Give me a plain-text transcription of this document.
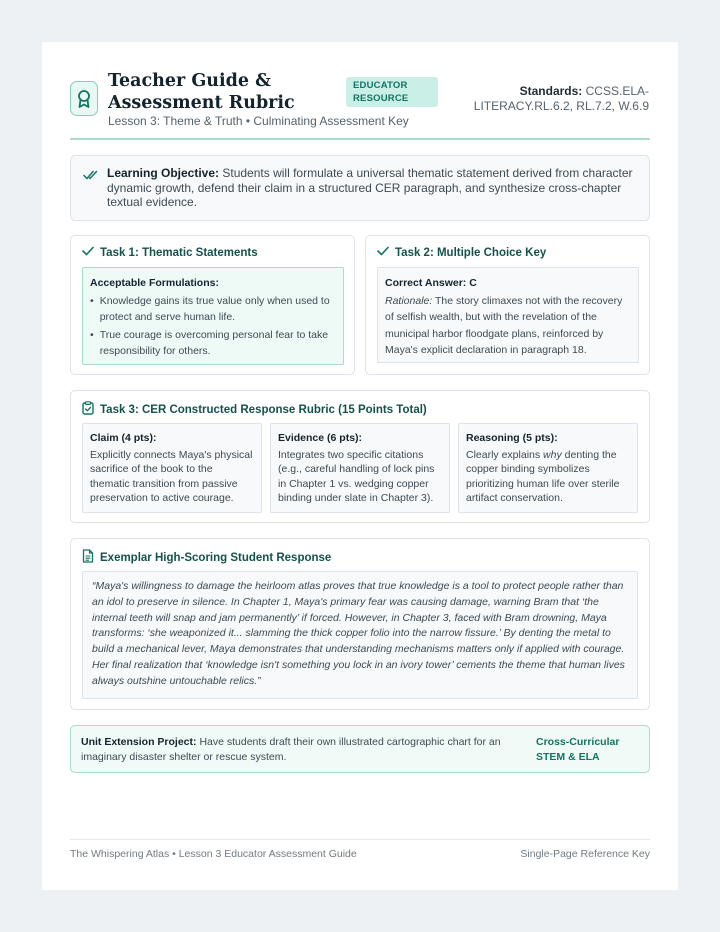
Teacher Guide & Assessment Rubric
Lesson 3: Theme & Truth • Culminating Assessment Key
EDUCATOR RESOURCE
Standards: CCSS.ELA-LITERACY.RL.6.2, RL.7.2, W.6.9
Learning Objective: Students will formulate a universal thematic statement derived from character dynamic growth, defend their claim in a structured CER paragraph, and synthesize cross-chapter textual evidence.
Task 1: Thematic Statements
Acceptable Formulations:
• Knowledge gains its true value only when used to protect and serve human life.
• True courage is overcoming personal fear to take responsibility for others.
Task 2: Multiple Choice Key
Correct Answer: C
Rationale: The story climaxes not with the recovery of selfish wealth, but with the revelation of the municipal harbor floodgate plans, reinforced by Maya's explicit declaration in paragraph 18.
Task 3: CER Constructed Response Rubric (15 Points Total)
Claim (4 pts):
Explicitly connects Maya's physical sacrifice of the book to the thematic transition from passive preservation to active courage.
Evidence (6 pts):
Integrates two specific citations (e.g., careful handling of lock pins in Chapter 1 vs. wedging copper binding under slate in Chapter 3).
Reasoning (5 pts):
Clearly explains why denting the copper binding symbolizes prioritizing human life over sterile artifact conservation.
Exemplar High-Scoring Student Response
“Maya's willingness to damage the heirloom atlas proves that true knowledge is a tool to protect people rather than an idol to preserve in silence. In Chapter 1, Maya's primary fear was causing damage, warning Bram that ‘the internal teeth will snap and jam permanently’ if forced. However, in Chapter 3, faced with Bram drowning, Maya transforms: ‘she weaponized it... slamming the thick copper folio into the narrow fissure.’ By denting the metal to build a mechanical lever, Maya demonstrates that understanding mechanisms matters only if applied with courage. Her final realization that ‘knowledge isn't something you lock in an ivory tower’ cements the theme that human lives always outshine untouchable relics.”
Unit Extension Project: Have students draft their own illustrated cartographic chart for an imaginary disaster shelter or rescue system.
Cross-Curricular
STEM & ELA
The Whispering Atlas • Lesson 3 Educator Assessment Guide	Single-Page Reference Key
